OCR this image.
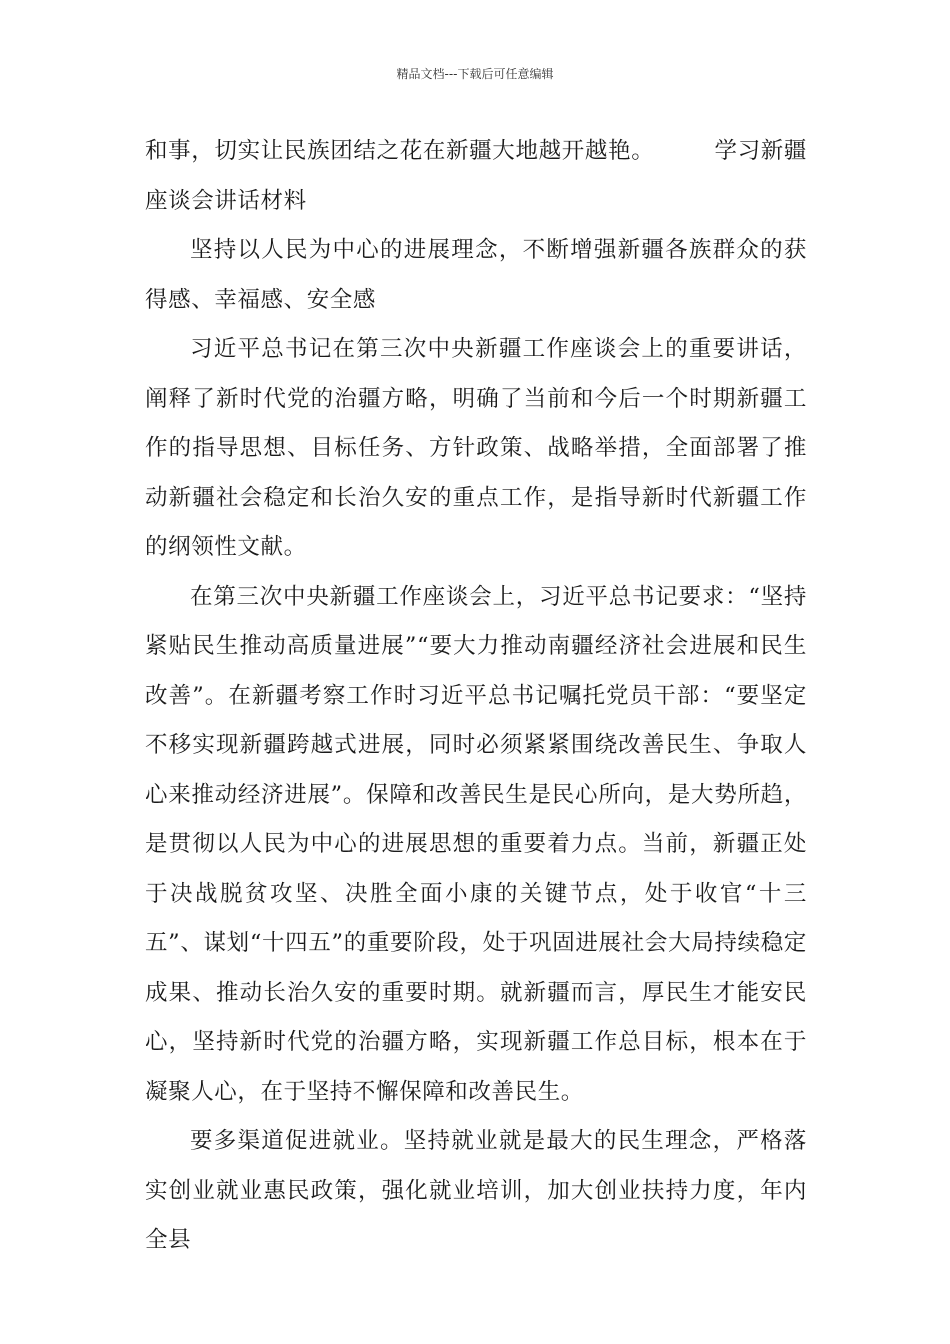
精品文档---下载后可任意编辑

和事，切实让民族团结之花在新疆大地越开越艳。	学习新疆座谈会讲话材料

坚持以人民为中心的进展理念，不断增强新疆各族群众的获得感、幸福感、安全感

习近平总书记在第三次中央新疆工作座谈会上的重要讲话，阐释了新时代党的治疆方略，明确了当前和今后一个时期新疆工作的指导思想、目标任务、方针政策、战略举措，全面部署了推动新疆社会稳定和长治久安的重点工作，是指导新时代新疆工作的纲领性文献。

在第三次中央新疆工作座谈会上，习近平总书记要求：“坚持紧贴民生推动高质量进展”“要大力推动南疆经济社会进展和民生改善”。在新疆考察工作时习近平总书记嘱托党员干部：“要坚定不移实现新疆跨越式进展，同时必须紧紧围绕改善民生、争取人心来推动经济进展”。保障和改善民生是民心所向，是大势所趋，是贯彻以人民为中心的进展思想的重要着力点。当前，新疆正处于决战脱贫攻坚、决胜全面小康的关键节点，处于收官“十三五”、谋划“十四五”的重要阶段，处于巩固进展社会大局持续稳定成果、推动长治久安的重要时期。就新疆而言，厚民生才能安民心，坚持新时代党的治疆方略，实现新疆工作总目标，根本在于凝聚人心，在于坚持不懈保障和改善民生。

要多渠道促进就业。坚持就业就是最大的民生理念，严格落实创业就业惠民政策，强化就业培训，加大创业扶持力度，年内全县
